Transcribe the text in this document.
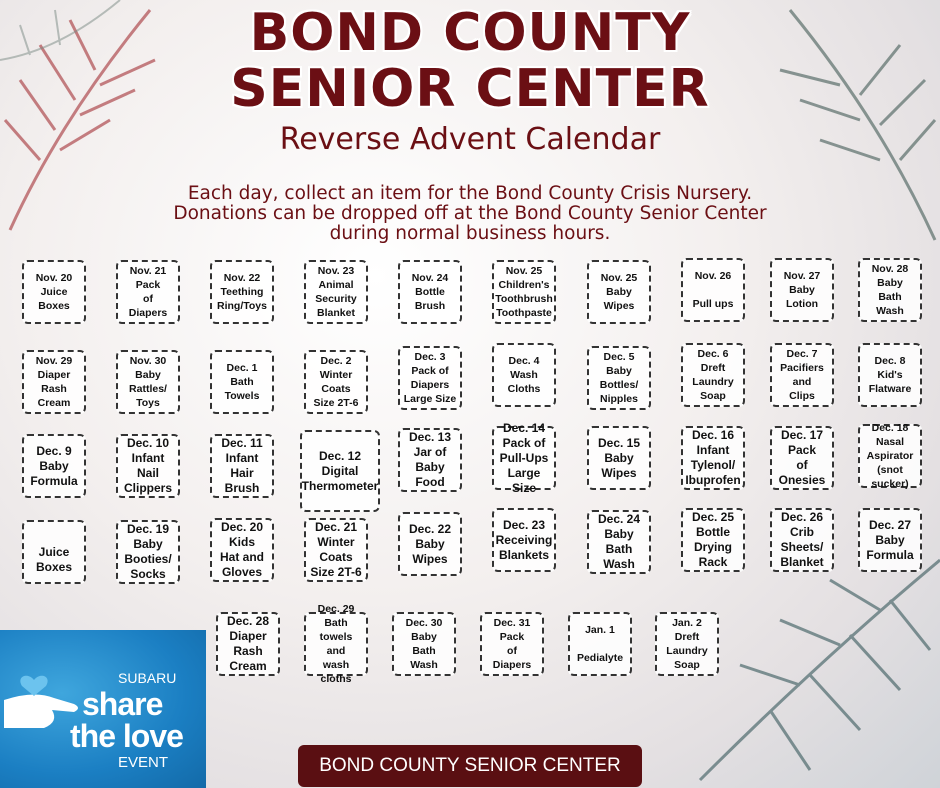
BOND COUNTY
SENIOR CENTER
Reverse Advent Calendar
Each day, collect an item for the Bond County Crisis Nursery.
Donations can be dropped off at the Bond County Senior Center
during normal business hours.
Nov. 20
Juice
Boxes
Nov. 21
Pack
of
Diapers
Nov. 22
Teething
Ring/Toys
Nov. 23
Animal
Security
Blanket
Nov. 24
Bottle
Brush
Nov. 25
Children's
Toothbrush
Toothpaste
Nov. 25
Baby
Wipes
Nov. 26

Pull ups
Nov. 27
Baby
Lotion
Nov. 28
Baby
Bath
Wash
Nov. 29
Diaper
Rash
Cream
Nov. 30
Baby
Rattles/
Toys
Dec. 1
Bath
Towels
Dec. 2
Winter
Coats
Size 2T-6
Dec. 3
Pack of
Diapers
Large Size
Dec. 4
Wash
Cloths
Dec. 5
Baby
Bottles/
Nipples
Dec. 6
Dreft
Laundry
Soap
Dec. 7
Pacifiers
and
Clips
Dec. 8
Kid's
Flatware
Dec. 9
Baby
Formula
Dec. 10
Infant
Nail
Clippers
Dec. 11
Infant
Hair
Brush
Dec. 12
Digital
Thermometer
Dec. 13
Jar of
Baby
Food
Dec. 14
Pack of
Pull-Ups
Large Size
Dec. 15
Baby
Wipes
Dec. 16
Infant
Tylenol/
Ibuprofen
Dec. 17
Pack
of
Onesies
Dec. 18
Nasal
Aspirator
(snot sucker)

Juice
Boxes
Dec. 19
Baby
Booties/
Socks
Dec. 20
Kids
Hat and
Gloves
Dec. 21
Winter
Coats
Size 2T-6
Dec. 22
Baby
Wipes
Dec. 23
Receiving
Blankets
Dec. 24
Baby
Bath
Wash
Dec. 25
Bottle
Drying
Rack
Dec. 26
Crib
Sheets/
Blanket
Dec. 27
Baby
Formula
Dec. 28
Diaper
Rash
Cream
Dec. 29
Bath towels
and
wash cloths
Dec. 30
Baby
Bath
Wash
Dec. 31
Pack
of
Diapers
Jan. 1

Pedialyte
Jan. 2
Dreft
Laundry
Soap
SUBARU
share
the love
EVENT	BOND COUNTY SENIOR CENTER
